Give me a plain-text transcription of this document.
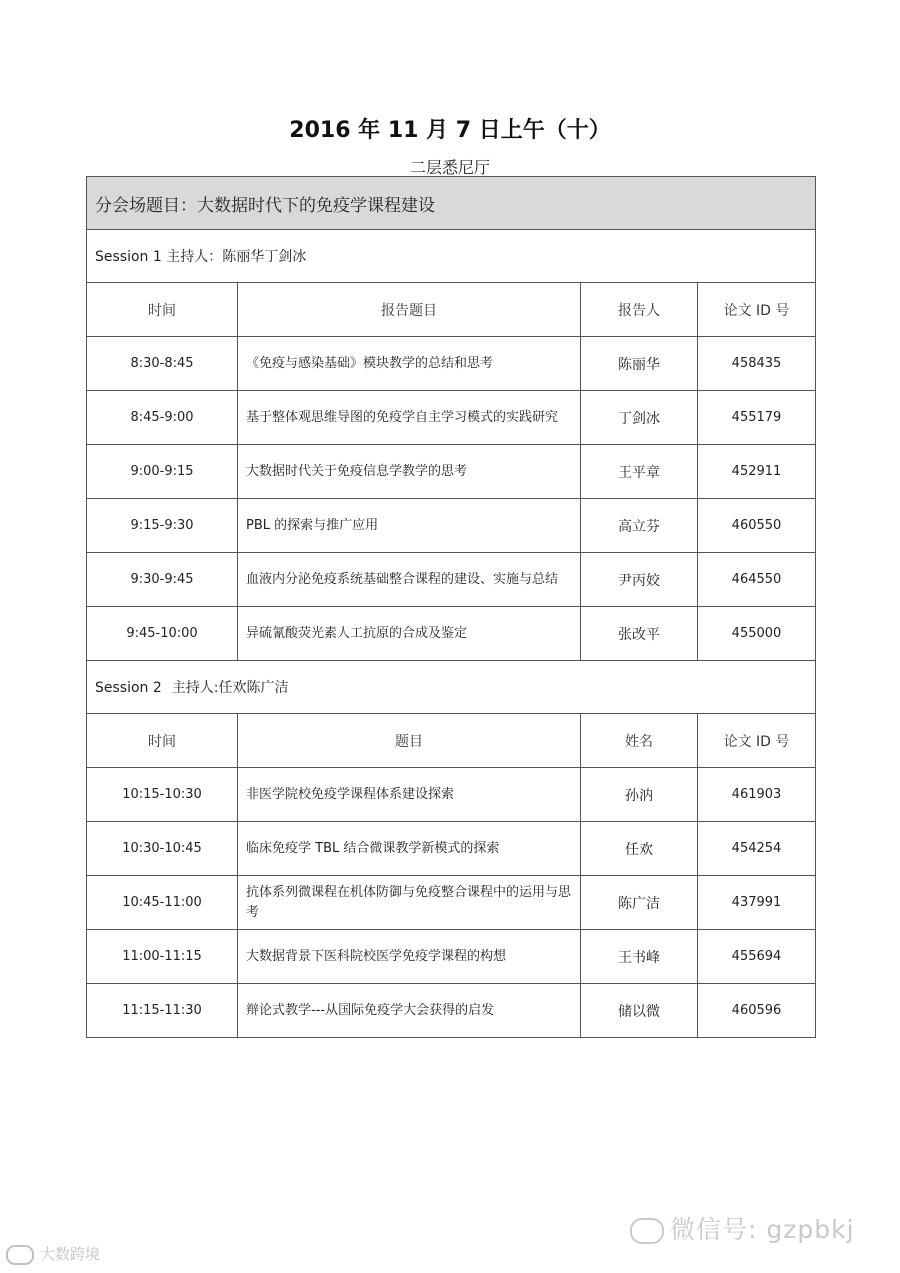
2016 年 11 月 7 日上午（十）
二层悉尼厅
分会场题目：大数据时代下的免疫学课程建设			
Session 1 主持人：陈丽华丁剑冰			
时间	报告题目	报告人	论文 ID 号
8:30-8:45	《免疫与感染基础》模块教学的总结和思考	陈丽华	458435
8:45-9:00	基于整体观思维导图的免疫学自主学习模式的实践研究	丁剑冰	455179
9:00-9:15	大数据时代关于免疫信息学教学的思考	王平章	452911
9:15-9:30	PBL 的探索与推广应用	高立芬	460550
9:30-9:45	血液内分泌免疫系统基础整合课程的建设、实施与总结	尹丙姣	464550
9:45-10:00	异硫氰酸荧光素人工抗原的合成及鉴定	张改平	455000
Session 2 主持人:任欢陈广洁			
时间	题目	姓名	论文 ID 号
10:15-10:30	非医学院校免疫学课程体系建设探索	孙汭	461903
10:30-10:45	临床免疫学 TBL 结合微课教学新模式的探索	任欢	454254
10:45-11:00	抗体系列微课程在机体防御与免疫整合课程中的运用与思考	陈广洁	437991
11:00-11:15	大数据背景下医科院校医学免疫学课程的构想	王书峰	455694
11:15-11:30	辩论式教学---从国际免疫学大会获得的启发	储以微	460596
微信号: gzpbkj
大数跨境
